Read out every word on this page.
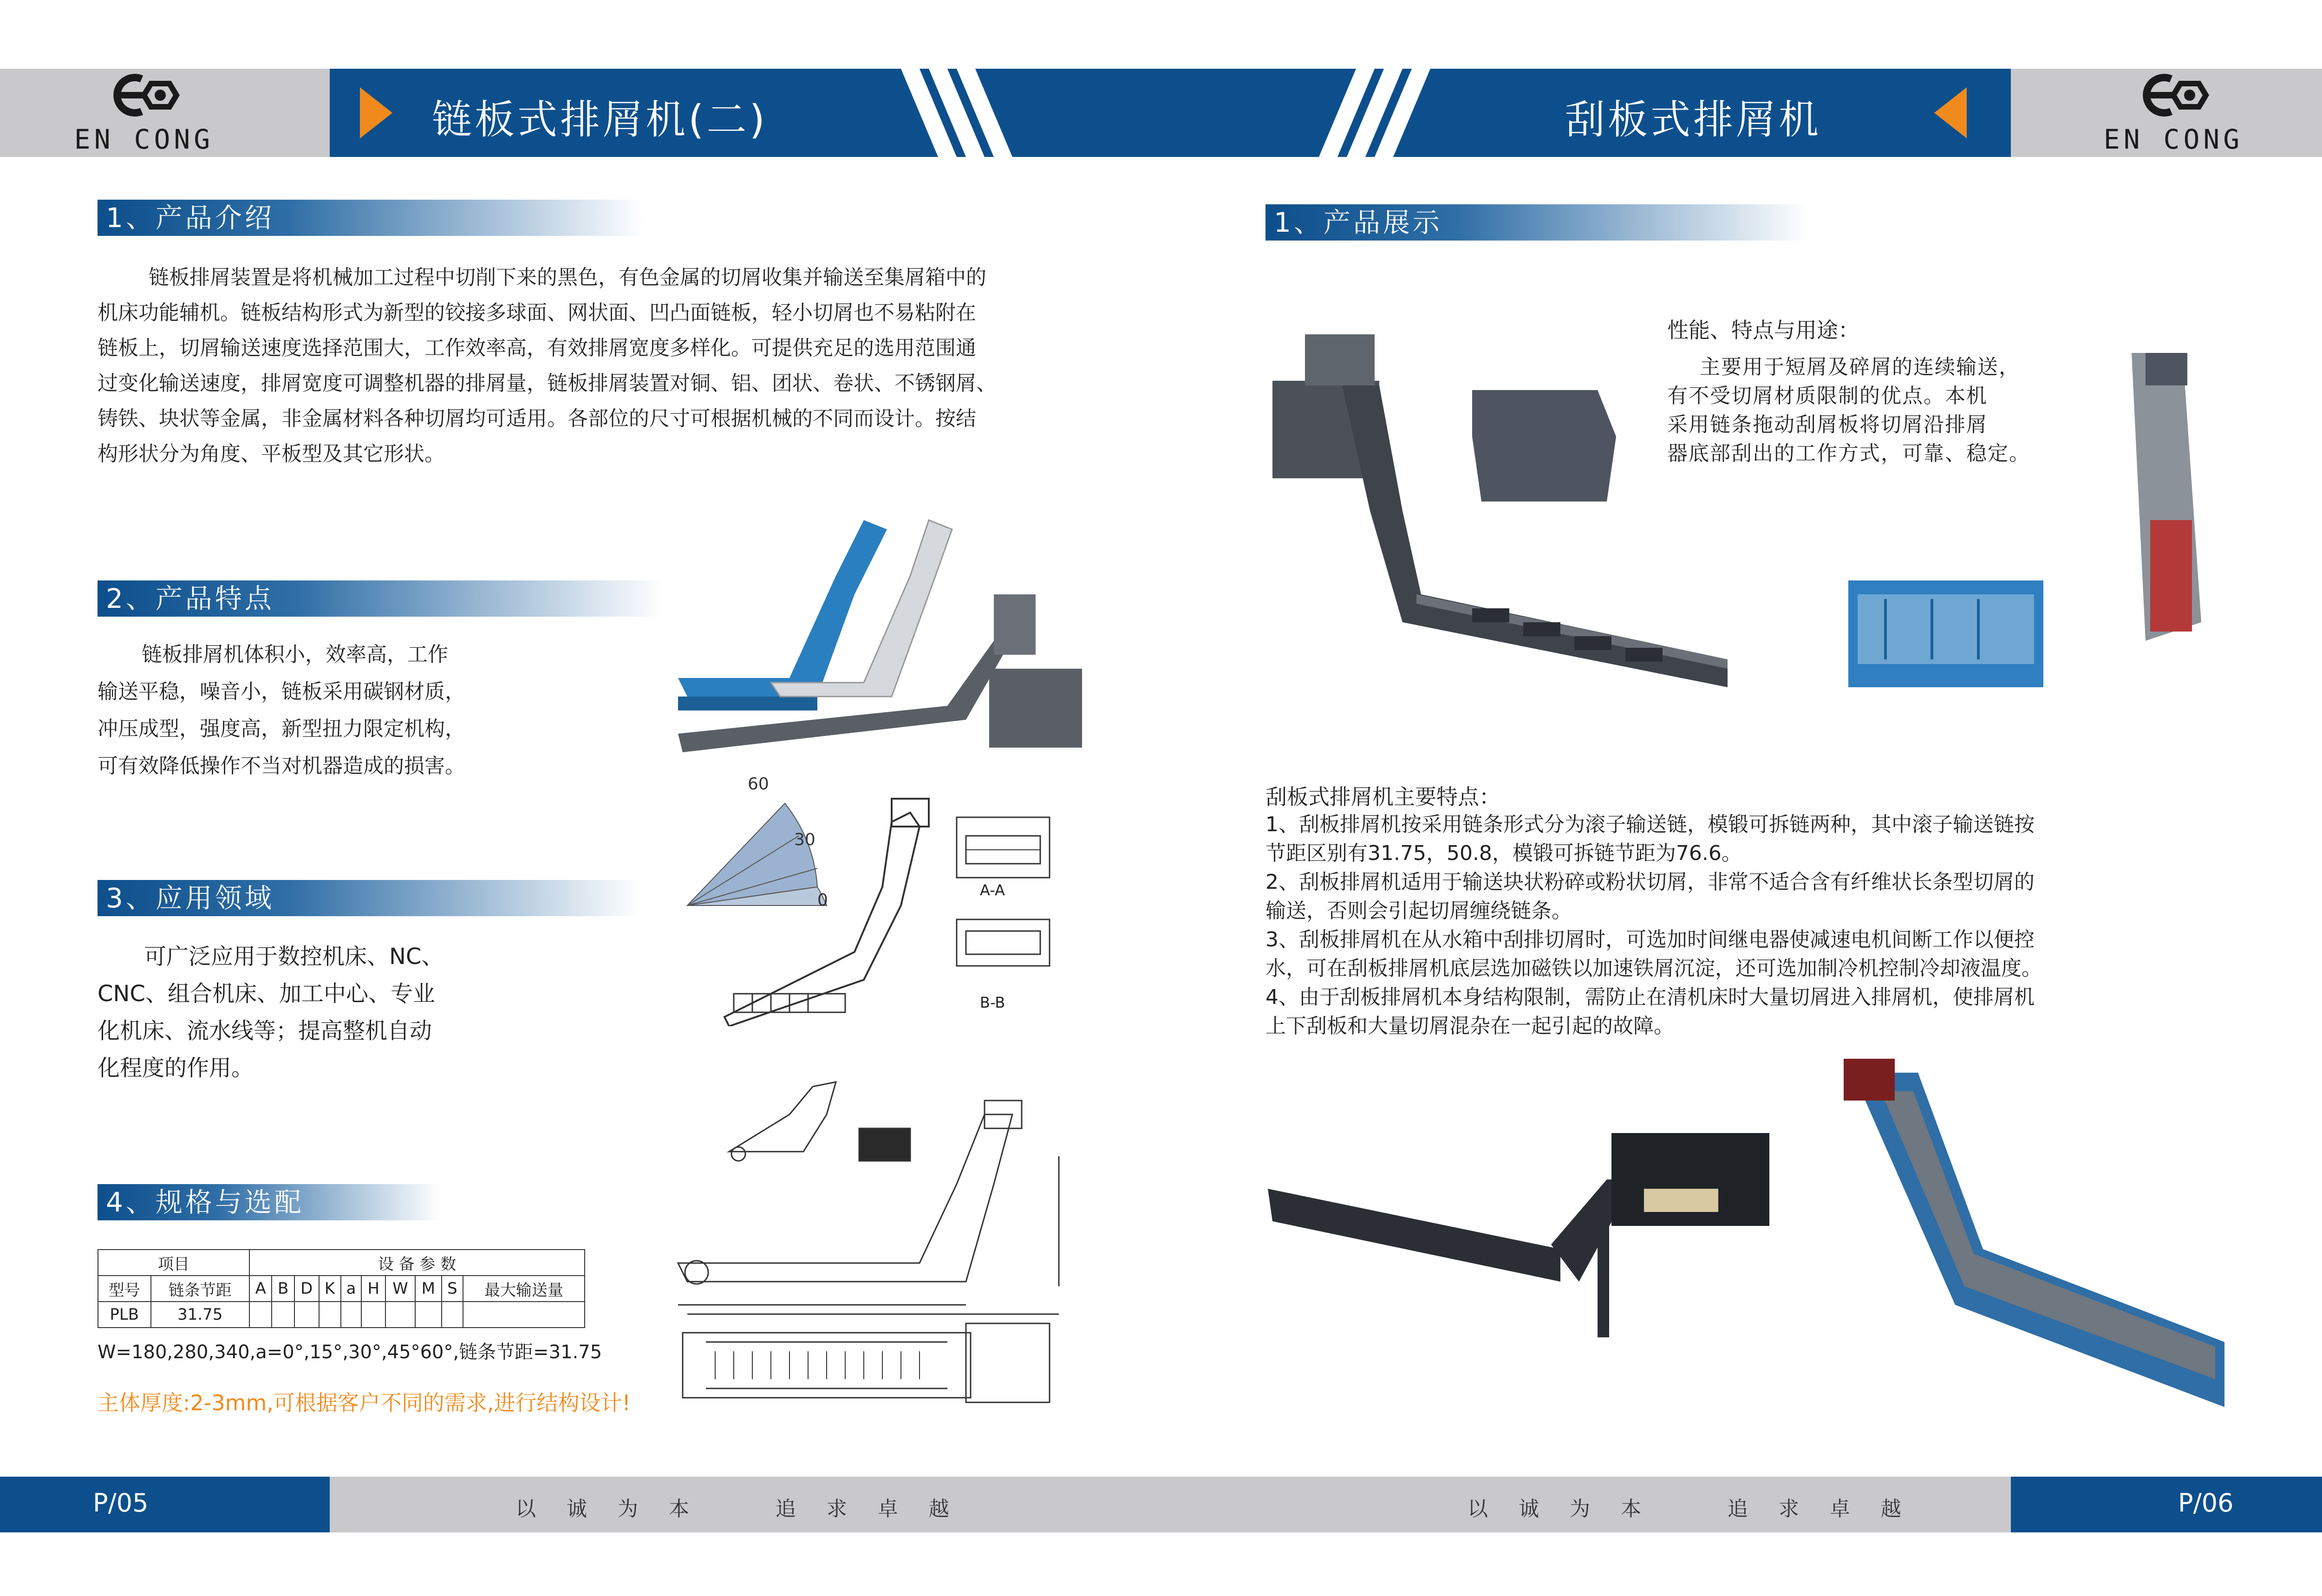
EN CONG	EN CONG
链板式排屑机(二)	刮板式排屑机
1、产品介绍
链板排屑装置是将机械加工过程中切削下来的黑色，有色金属的切屑收集并输送至集屑箱中的
机床功能辅机。链板结构形式为新型的铰接多球面、网状面、凹凸面链板，轻小切屑也不易粘附在
链板上，切屑输送速度选择范围大，工作效率高，有效排屑宽度多样化。可提供充足的选用范围通
过变化输送速度，排屑宽度可调整机器的排屑量，链板排屑装置对铜、铝、团状、卷状、不锈钢屑、
铸铁、块状等金属，非金属材料各种切屑均可适用。各部位的尺寸可根据机械的不同而设计。按结
构形状分为角度、平板型及其它形状。
2、产品特点
链板排屑机体积小，效率高，工作
输送平稳，噪音小，链板采用碳钢材质，
冲压成型，强度高，新型扭力限定机构，
可有效降低操作不当对机器造成的损害。
60
30
0
A-A
B-B
3、应用领域
可广泛应用于数控机床、NC、
CNC、组合机床、加工中心、专业
化机床、流水线等；提高整机自动
化程度的作用。
4、规格与选配
项目		设 备 参 数									
型号	链条节距	A	B	D	K	a	H	W	M	S	最大输送量
PLB	31.75										
W=180,280,340,a=0°,15°,30°,45°60°,链条节距=31.75
主体厚度:2-3mm,可根据客户不同的需求,进行结构设计!
1、产品展示
性能、特点与用途：
主要用于短屑及碎屑的连续输送，
有不受切屑材质限制的优点。本机
采用链条拖动刮屑板将切屑沿排屑
器底部刮出的工作方式，可靠、稳定。
刮板式排屑机主要特点：
1、刮板排屑机按采用链条形式分为滚子输送链，模锻可拆链两种，其中滚子输送链按
节距区别有31.75，50.8，模锻可拆链节距为76.6。
2、刮板排屑机适用于输送块状粉碎或粉状切屑，非常不适合含有纤维状长条型切屑的
输送，否则会引起切屑缠绕链条。
3、刮板排屑机在从水箱中刮排切屑时，可选加时间继电器使减速电机间断工作以便控
水，可在刮板排屑机底层选加磁铁以加速铁屑沉淀，还可选加制冷机控制冷却液温度。
4、由于刮板排屑机本身结构限制，需防止在清机床时大量切屑进入排屑机，使排屑机
上下刮板和大量切屑混杂在一起引起的故障。
P/05	以 诚 为 本    追 求 卓 越	以 诚 为 本    追 求 卓 越	P/06
